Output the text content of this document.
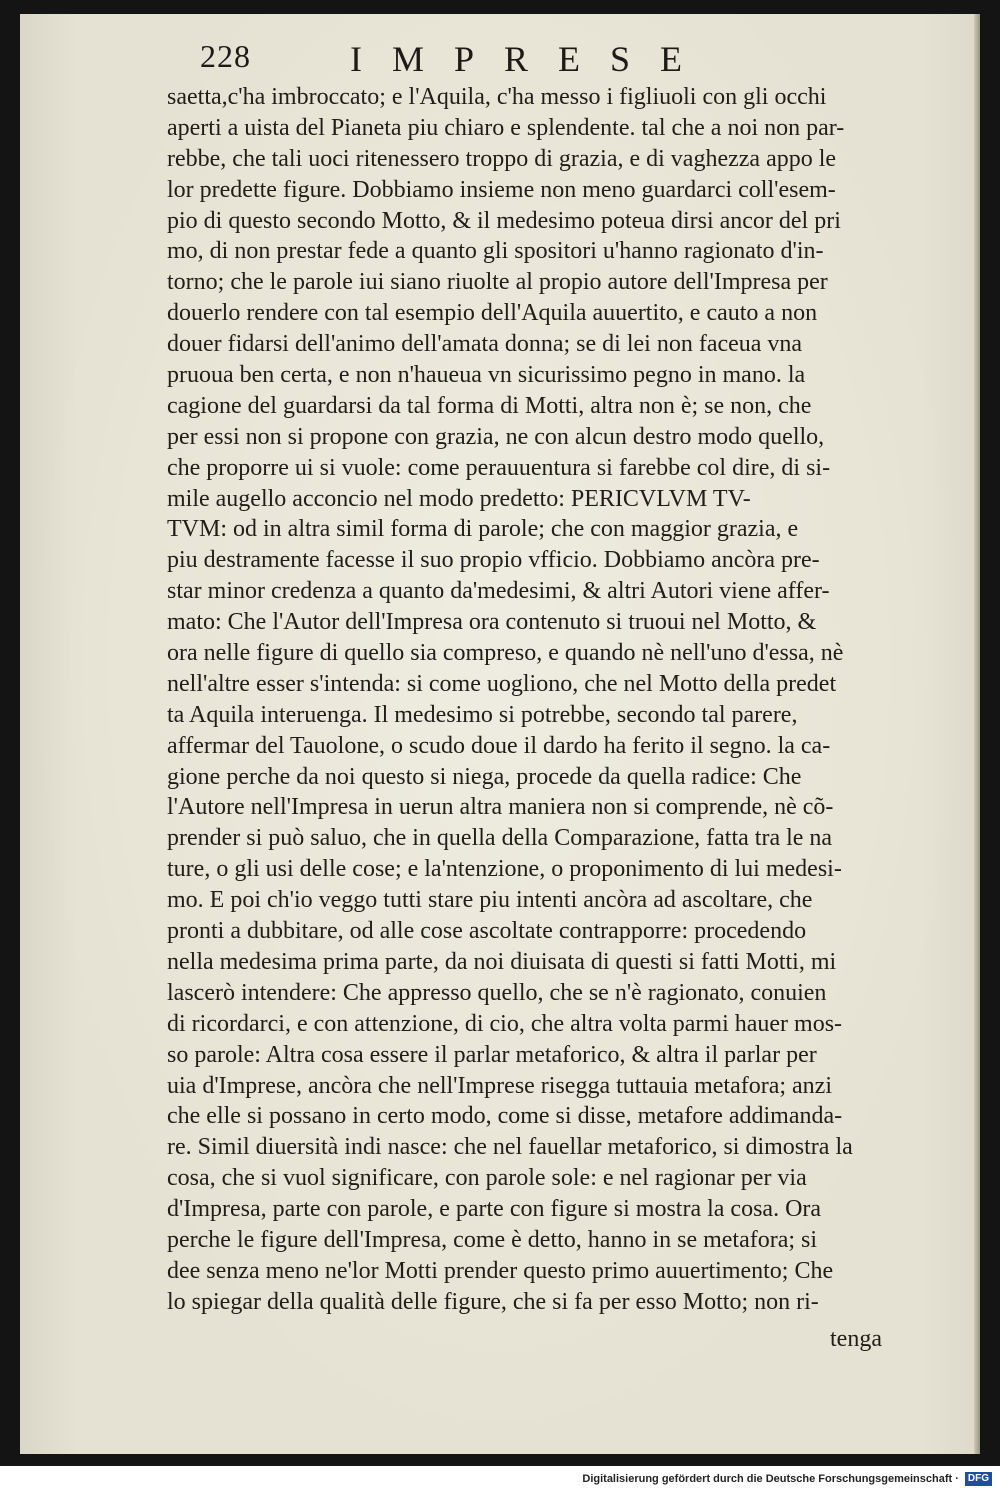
228	IMPRESE
saetta,c'ha imbroccato; e l'Aquila, c'ha messo i figliuoli con gli occhi
aperti a uista del Pianeta piu chiaro e splendente. tal che a noi non par-
rebbe, che tali uoci ritenessero troppo di grazia, e di vaghezza appo le
lor predette figure. Dobbiamo insieme non meno guardarci coll'esem-
pio di questo secondo Motto, & il medesimo poteua dirsi ancor del pri
mo, di non prestar fede a quanto gli spositori u'hanno ragionato d'in-
torno; che le parole iui siano riuolte al propio autore dell'Impresa per
douerlo rendere con tal esempio dell'Aquila auuertito, e cauto a non
douer fidarsi dell'animo dell'amata donna; se di lei non faceua vna
pruoua ben certa, e non n'haueua vn sicurissimo pegno in mano. la
cagione del guardarsi da tal forma di Motti, altra non è; se non, che
per essi non si propone con grazia, ne con alcun destro modo quello,
che proporre ui si vuole: come perauuentura si farebbe col dire, di si-
mile augello acconcio nel modo predetto: PERICVLVM TV-
TVM: od in altra simil forma di parole; che con maggior grazia, e
piu destramente facesse il suo propio vfficio. Dobbiamo ancòra pre-
star minor credenza a quanto da'medesimi, & altri Autori viene affer-
mato: Che l'Autor dell'Impresa ora contenuto si truoui nel Motto, &
ora nelle figure di quello sia compreso, e quando nè nell'uno d'essa, nè
nell'altre esser s'intenda: si come uogliono, che nel Motto della predet
ta Aquila interuenga. Il medesimo si potrebbe, secondo tal parere,
affermar del Tauolone, o scudo doue il dardo ha ferito il segno. la ca-
gione perche da noi questo si niega, procede da quella radice: Che
l'Autore nell'Impresa in uerun altra maniera non si comprende, nè cõ-
prender si può saluo, che in quella della Comparazione, fatta tra le na
ture, o gli usi delle cose; e la'ntenzione, o proponimento di lui medesi-
mo. E poi ch'io veggo tutti stare piu intenti ancòra ad ascoltare, che
pronti a dubbitare, od alle cose ascoltate contrapporre: procedendo
nella medesima prima parte, da noi diuisata di questi si fatti Motti, mi
lascerò intendere: Che appresso quello, che se n'è ragionato, conuien
di ricordarci, e con attenzione, di cio, che altra volta parmi hauer mos-
so parole: Altra cosa essere il parlar metaforico, & altra il parlar per
uia d'Imprese, ancòra che nell'Imprese risegga tuttauia metafora; anzi
che elle si possano in certo modo, come si disse, metafore addimanda-
re. Simil diuersità indi nasce: che nel fauellar metaforico, si dimostra la
cosa, che si vuol significare, con parole sole: e nel ragionar per via
d'Impresa, parte con parole, e parte con figure si mostra la cosa. Ora
perche le figure dell'Impresa, come è detto, hanno in se metafora; si
dee senza meno ne'lor Motti prender questo primo auuertimento; Che
lo spiegar della qualità delle figure, che si fa per esso Motto; non ri-
tenga
Digitalisierung gefördert durch die Deutsche Forschungsgemeinschaft · DFG
